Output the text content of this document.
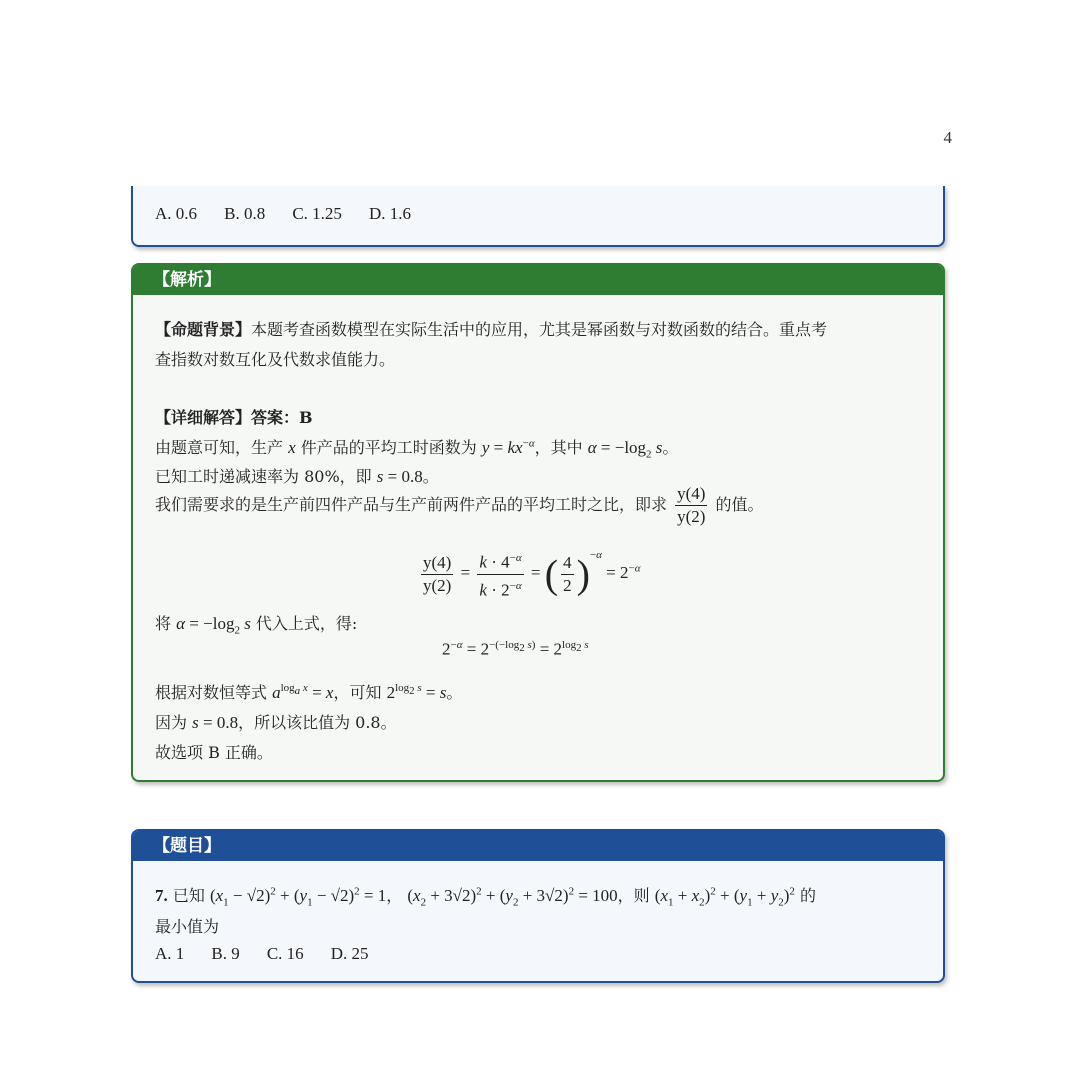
4
A. 0.6 B. 0.8 C. 1.25 D. 1.6
【解析】
【命题背景】本题考查函数模型在实际生活中的应用，尤其是幂函数与对数函数的结合。重点考
查指数对数互化及代数求值能力。
【详细解答】答案：B
由题意可知，生产 x 件产品的平均工时函数为 $y = kx^{-\alpha}$，其中 $\alpha = -\log_2$ s。
已知工时递减速率为 80%，即 s = 0.8。
我们需要求的是生产前四件产品与生产前两件产品的平均工时之比，即求 $\frac{y(4)}{y(2)}$ 的值。
$\frac{y(4)}{y(2)} = \frac{k \cdot 4^{-\alpha}}{k \cdot 2^{-\alpha}}$ = ( $\frac{4}{2} )^{-\alpha} = 2^{-\alpha}$
将 $\alpha = -\log_2$ s 代入上式，得:
$2^{-\alpha} = 2^{-(-log_2 s)} = 2^{log_2 s}$
根据对数恒等式 $a^{log_a x} = x$，可知 $2^{log_2 s} = s$。
因为 s = 0.8，所以该比值为 0.8。
故选项 B 正确。
【题目】
7. 已知 $(x_1 - √2)^2 + (y_1 - √2)^2 = 1$， $(x_2 + 3√2)^2 + (y_2 + 3√2)^2 = 100$，则 $(x_1 + x_2)^2 + (y_1 + y_2)^2$ 的
最小值为
A. 1 B. 9 C. 16 D. 25
